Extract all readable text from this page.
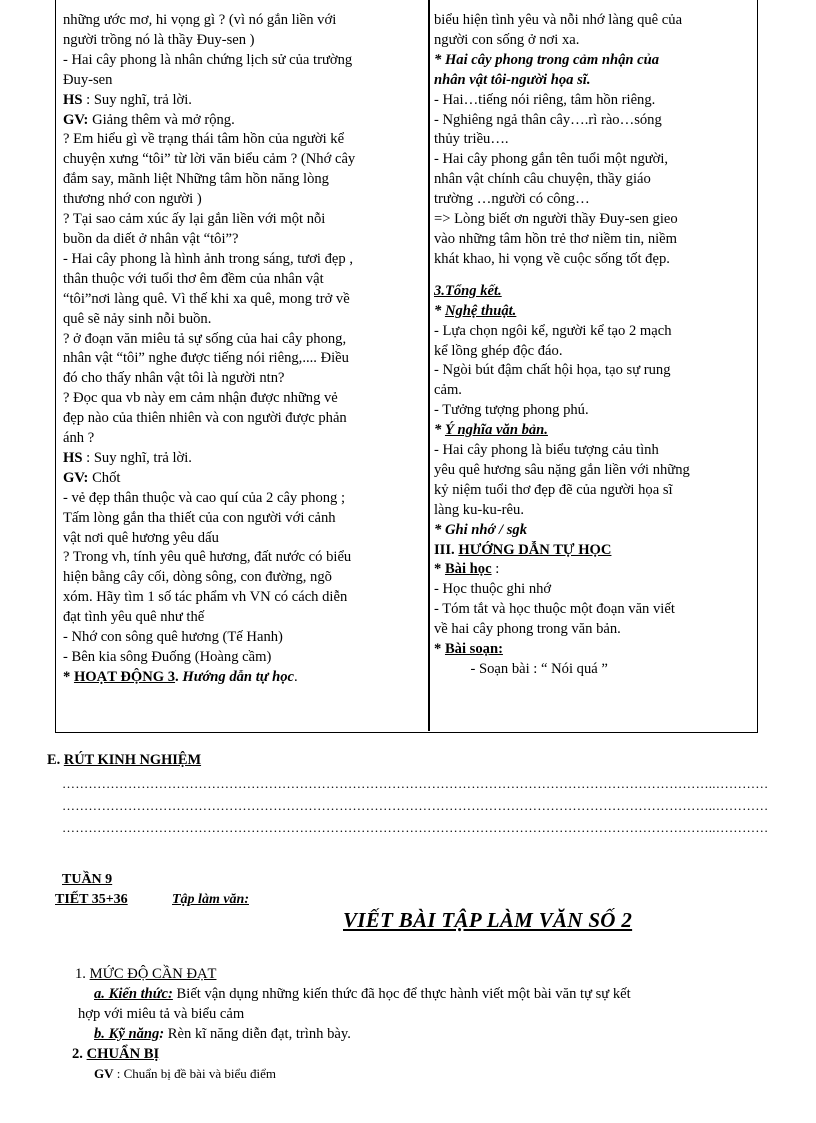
những ước mơ, hi vọng gì ? (vì nó gắn liền với
người trồng nó là thầy Đuy-sen )
- Hai cây phong là nhân chứng lịch sử của trường
Đuy-sen
HS : Suy nghĩ, trả lời.
GV: Giảng thêm và mở rộng.
? Em hiểu gì về trạng thái tâm hồn của người kể
chuyện xưng “tôi” từ lời văn biểu cảm ? (Nhớ cây
đắm say, mãnh liệt Những tâm hồn năng lòng
thương nhớ con người )
? Tại sao cảm xúc ấy lại gắn liền với một nỗi
buồn da diết ở nhân vật “tôi”?
- Hai cây phong là hình ảnh trong sáng, tươi đẹp ,
thân thuộc với tuổi thơ êm đềm của nhân vật
“tôi”nơi làng quê. Vì thế khi xa quê, mong trở về
quê sẽ nảy sinh nỗi buồn.
? ở đoạn văn miêu tả sự sống của hai cây phong,
nhân vật “tôi” nghe được tiếng nói riêng,.... Điều
đó cho thấy nhân vật tôi là người ntn?
? Đọc qua vb này em cảm nhận được những vẻ
đẹp nào của thiên nhiên và con người được phản
ánh ?
HS : Suy nghĩ, trả lời.
GV: Chốt
- vẻ đẹp thân thuộc và cao quí của 2 cây phong ;
Tấm lòng gắn tha thiết của con người với cảnh
vật nơi quê hương yêu dấu
? Trong vh, tính yêu quê hương, đất nước có biểu
hiện bằng cây cối, dòng sông, con đường, ngõ
xóm. Hãy tìm 1 số tác phẩm vh VN có cách diễn
đạt tình yêu quê như thế
- Nhớ con sông quê hương (Tế Hanh)
- Bên kia sông Đuống (Hoàng cầm)
* HOẠT ĐỘNG 3. Hướng dẫn tự học.
biểu hiện tình yêu và nỗi nhớ làng quê của
người con sống ở nơi xa.
* Hai cây phong trong cảm nhận của
nhân vật tôi-người họa sĩ.
- Hai…tiếng nói riêng, tâm hồn riêng.
- Nghiêng ngả thân cây….rì rào…sóng
thủy triều….
- Hai cây phong gắn tên tuổi một người,
nhân vật chính câu chuyện, thầy giáo
trường …người có công…
=> Lòng biết ơn người thầy Đuy-sen gieo
vào những tâm hồn trẻ thơ niềm tin, niềm
khát khao, hi vọng về cuộc sống tốt đẹp.
3.Tổng kết.
* Nghệ thuật.
- Lựa chọn ngôi kể, người kể tạo 2 mạch
kể lồng ghép độc đáo.
- Ngòi bút đậm chất hội họa, tạo sự rung
cảm.
- Tưởng tượng phong phú.
* Ý nghĩa văn bản.
- Hai cây phong là biểu tượng cảu tình
yêu quê hương sâu nặng gắn liền với những
kỷ niệm tuổi thơ đẹp đẽ của người họa sĩ
làng ku-ku-rêu.
* Ghi nhớ / sgk
III. HƯỚNG DẪN TỰ HỌC
* Bài học :
- Học thuộc ghi nhớ
- Tóm tắt và học thuộc một đoạn văn viết
về hai cây phong trong văn bản.
* Bài soạn:
- Soạn bài : “ Nói quá ”
E. RÚT KINH NGHIỆM
…………………………………………………………………………………………………………………………………..…………
…………………………………………………………………………………………………………………………………..…………
…………………………………………………………………………………………………………………………………..…………
TUẦN 9
TIẾT 35+36	Tập làm văn:
VIẾT BÀI TẬP LÀM VĂN SỐ 2
1. MỨC ĐỘ CẦN ĐẠT
a. Kiến thức: Biết vận dụng những kiến thức đã học để thực hành viết một bài văn tự sự kết
hợp với miêu tả và biểu cảm
b. Kỹ năng: Rèn kĩ năng diễn đạt, trình bày.
2. CHUẨN BỊ
GV : Chuẩn bị đề bài và biểu điểm
